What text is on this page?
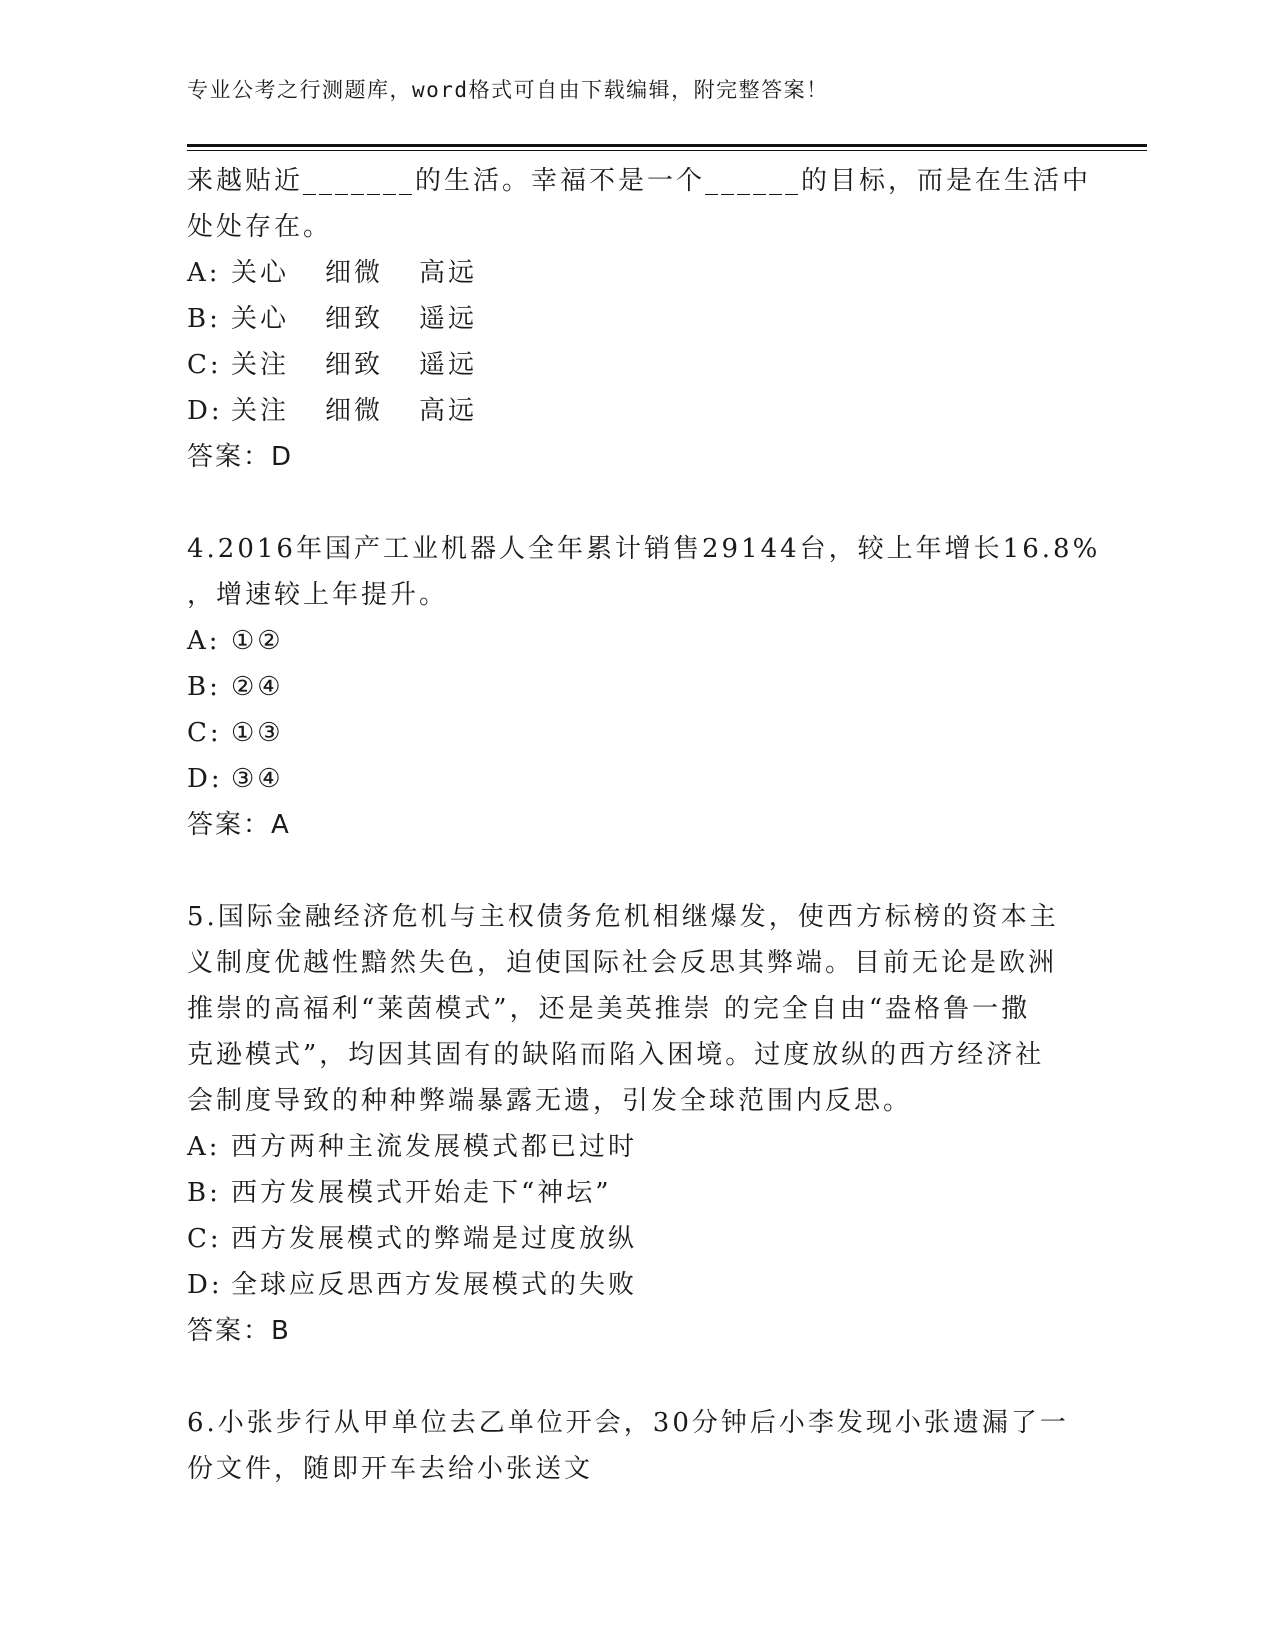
专业公考之行测题库，word格式可自由下载编辑，附完整答案！
来越贴近_______的生活。幸福不是一个______的目标，而是在生活中
处处存在。
A: 关心 细微 高远
B: 关心 细致 遥远
C: 关注 细致 遥远
D: 关注 细微 高远
答案：D
4.2016年国产工业机器人全年累计销售29144台，较上年增长16.8%
，增速较上年提升。
A: ①②
B: ②④
C: ①③
D: ③④
答案：A
5.国际金融经济危机与主权债务危机相继爆发，使西方标榜的资本主
义制度优越性黯然失色，迫使国际社会反思其弊端。目前无论是欧洲
推崇的高福利“莱茵模式”，还是美英推崇 的完全自由“盎格鲁一撒
克逊模式”，均因其固有的缺陷而陷入困境。过度放纵的西方经济社
会制度导致的种种弊端暴露无遗，引发全球范围内反思。
A: 西方两种主流发展模式都已过时
B: 西方发展模式开始走下“神坛”
C: 西方发展模式的弊端是过度放纵
D: 全球应反思西方发展模式的失败
答案：B
6.小张步行从甲单位去乙单位开会，30分钟后小李发现小张遗漏了一
份文件，随即开车去给小张送文
